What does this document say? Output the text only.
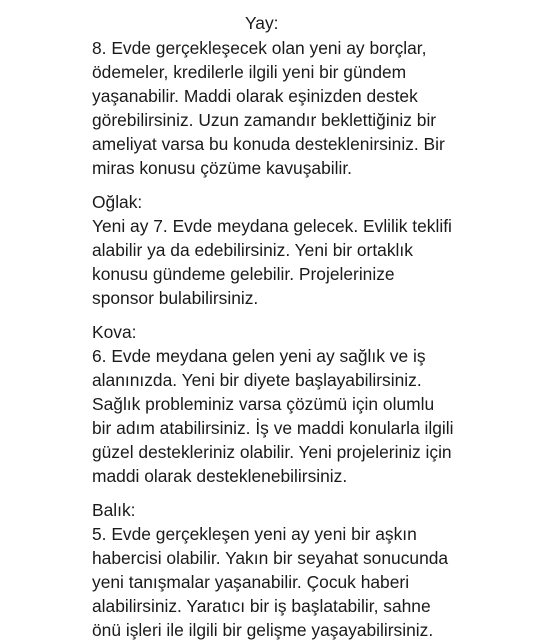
Yay:
8. Evde gerçekleşecek olan yeni ay borçlar,
ödemeler, kredilerle ilgili yeni bir gündem
yaşanabilir. Maddi olarak eşinizden destek
görebilirsiniz. Uzun zamandır beklettiğiniz bir
ameliyat varsa bu konuda desteklenirsiniz. Bir
miras konusu çözüme kavuşabilir.
Oğlak:
Yeni ay 7. Evde meydana gelecek. Evlilik teklifi
alabilir ya da edebilirsiniz. Yeni bir ortaklık
konusu gündeme gelebilir. Projelerinize
sponsor bulabilirsiniz.
Kova:
6. Evde meydana gelen yeni ay sağlık ve iş
alanınızda. Yeni bir diyete başlayabilirsiniz.
Sağlık probleminiz varsa çözümü için olumlu
bir adım atabilirsiniz. İş ve maddi konularla ilgili
güzel destekleriniz olabilir. Yeni projeleriniz için
maddi olarak desteklenebilirsiniz.
Balık:
5. Evde gerçekleşen yeni ay yeni bir aşkın
habercisi olabilir. Yakın bir seyahat sonucunda
yeni tanışmalar yaşanabilir. Çocuk haberi
alabilirsiniz. Yaratıcı bir iş başlatabilir, sahne
önü işleri ile ilgili bir gelişme yaşayabilirsiniz.
